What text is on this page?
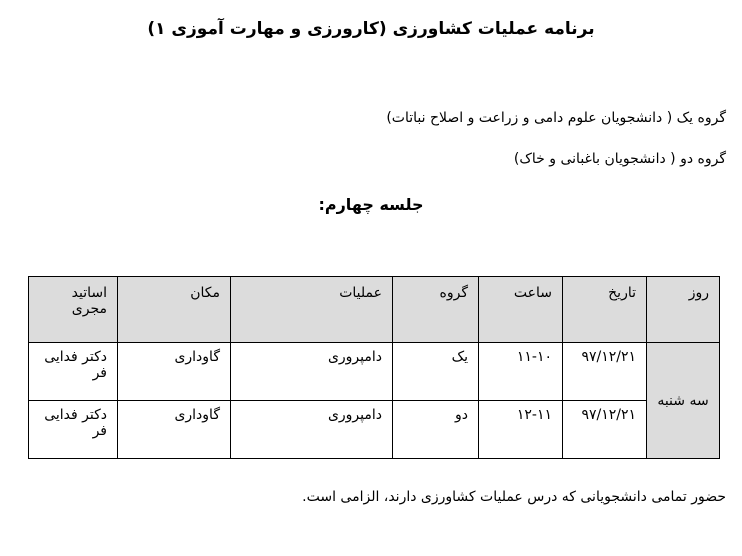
برنامه عملیات کشاورزی (کارورزی و مهارت آموزی ۱)
گروه یک ( دانشجویان علوم دامی و زراعت و اصلاح نباتات)
گروه دو ( دانشجویان باغبانی و خاک)
جلسه چهارم:
روز	تاریخ	ساعت	گروه	عملیات	مکان	اساتید مجری
سه شنبه	۹۷/۱۲/۲۱	۱۱-۱۰	یک	دامپروری	گاوداری	دکتر فدایی فر
	۹۷/۱۲/۲۱	۱۲-۱۱	دو	دامپروری	گاوداری	دکتر فدایی فر
حضور تمامی دانشجویانی که درس عملیات کشاورزی دارند، الزامی است.
